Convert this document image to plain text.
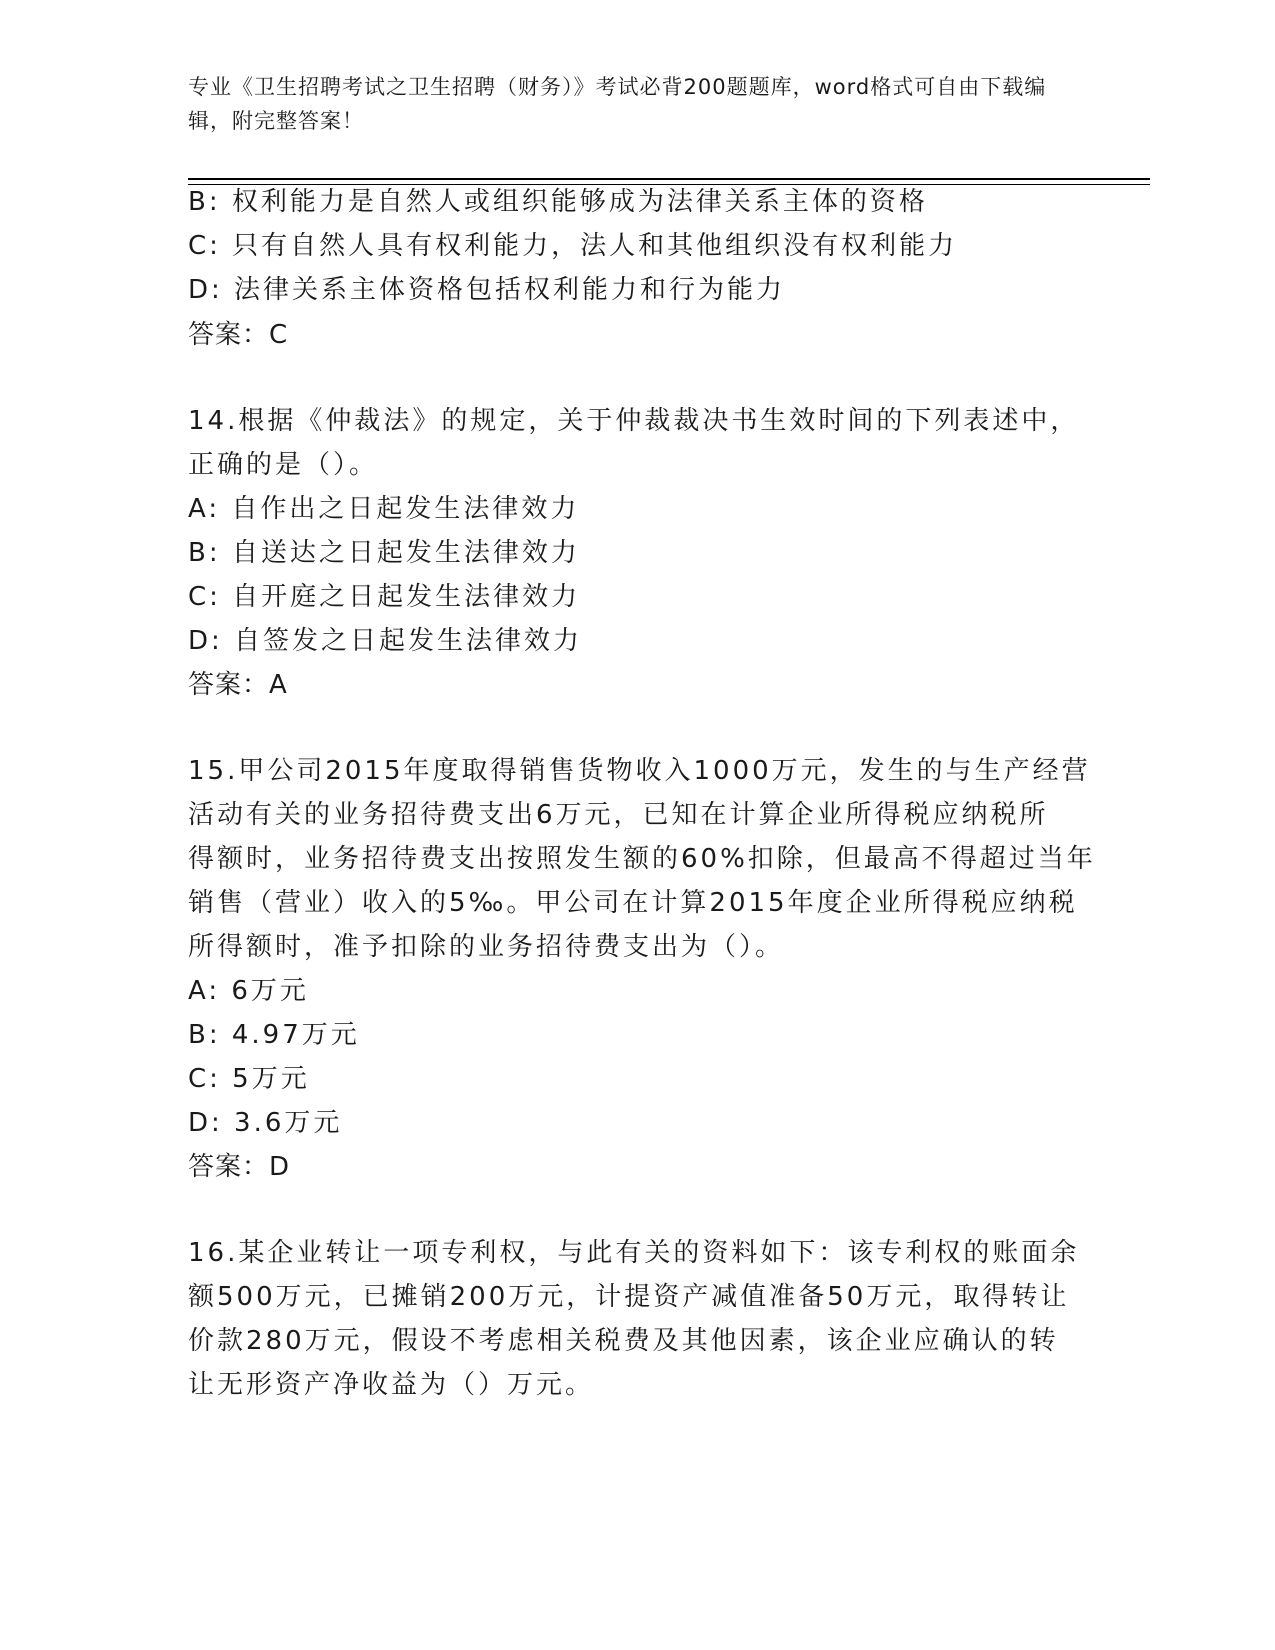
专业《卫生招聘考试之卫生招聘（财务）》考试必背200题题库，word格式可自由下载编辑，附完整答案！
B: 权利能力是自然人或组织能够成为法律关系主体的资格
C: 只有自然人具有权利能力，法人和其他组织没有权利能力
D: 法律关系主体资格包括权利能力和行为能力
答案：C
14.根据《仲裁法》的规定，关于仲裁裁决书生效时间的下列表述中，
正确的是（）。
A: 自作出之日起发生法律效力
B: 自送达之日起发生法律效力
C: 自开庭之日起发生法律效力
D: 自签发之日起发生法律效力
答案：A
15.甲公司2015年度取得销售货物收入1000万元，发生的与生产经营
活动有关的业务招待费支出6万元，已知在计算企业所得税应纳税所
得额时，业务招待费支出按照发生额的60%扣除，但最高不得超过当年
销售（营业）收入的5‰。甲公司在计算2015年度企业所得税应纳税
所得额时，准予扣除的业务招待费支出为（）。
A: 6万元
B: 4.97万元
C: 5万元
D: 3.6万元
答案：D
16.某企业转让一项专利权，与此有关的资料如下：该专利权的账面余
额500万元，已摊销200万元，计提资产减值准备50万元，取得转让
价款280万元，假设不考虑相关税费及其他因素，该企业应确认的转
让无形资产净收益为（）万元。
